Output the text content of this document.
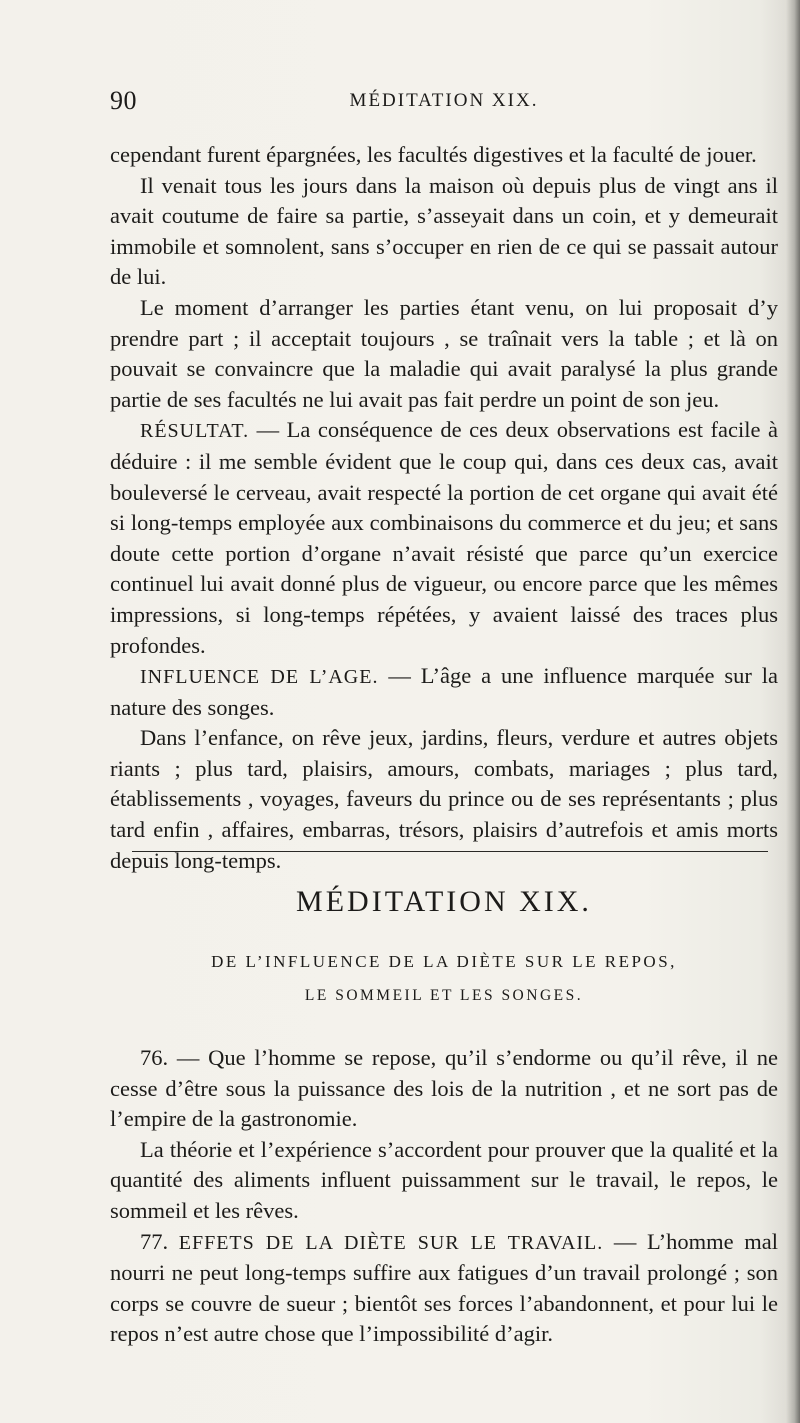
90	MÉDITATION XIX.

cependant furent épargnées, les facultés digestives et la faculté de jouer.

Il venait tous les jours dans la maison où depuis plus de vingt ans il avait coutume de faire sa partie, s’asseyait dans un coin, et y demeurait immobile et somnolent, sans s’occuper en rien de ce qui se passait autour de lui.

Le moment d’arranger les parties étant venu, on lui proposait d’y prendre part ; il acceptait toujours , se traînait vers la table ; et là on pouvait se convaincre que la maladie qui avait paralysé la plus grande partie de ses facultés ne lui avait pas fait perdre un point de son jeu.

RÉSULTAT. — La conséquence de ces deux observations est facile à déduire : il me semble évident que le coup qui, dans ces deux cas, avait bouleversé le cerveau, avait respecté la portion de cet organe qui avait été si long-temps employée aux combinaisons du commerce et du jeu; et sans doute cette portion d’organe n’avait résisté que parce qu’un exercice continuel lui avait donné plus de vigueur, ou encore parce que les mêmes impressions, si long-temps répétées, y avaient laissé des traces plus profondes.

INFLUENCE DE L’AGE. — L’âge a une influence marquée sur la nature des songes.

Dans l’enfance, on rêve jeux, jardins, fleurs, verdure et autres objets riants ; plus tard, plaisirs, amours, combats, mariages ; plus tard, établissements , voyages, faveurs du prince ou de ses représentants ; plus tard enfin , affaires, embarras, trésors, plaisirs d’autrefois et amis morts depuis long-temps.

MÉDITATION XIX.
DE L’INFLUENCE DE LA DIÈTE SUR LE REPOS,
LE SOMMEIL ET LES SONGES.

76. — Que l’homme se repose, qu’il s’endorme ou qu’il rêve, il ne cesse d’être sous la puissance des lois de la nutrition , et ne sort pas de l’empire de la gastronomie.

La théorie et l’expérience s’accordent pour prouver que la qualité et la quantité des aliments influent puissamment sur le travail, le repos, le sommeil et les rêves.

77. EFFETS DE LA DIÈTE SUR LE TRAVAIL. — L’homme mal nourri ne peut long-temps suffire aux fatigues d’un travail prolongé ; son corps se couvre de sueur ; bientôt ses forces l’abandonnent, et pour lui le repos n’est autre chose que l’impossibilité d’agir.
